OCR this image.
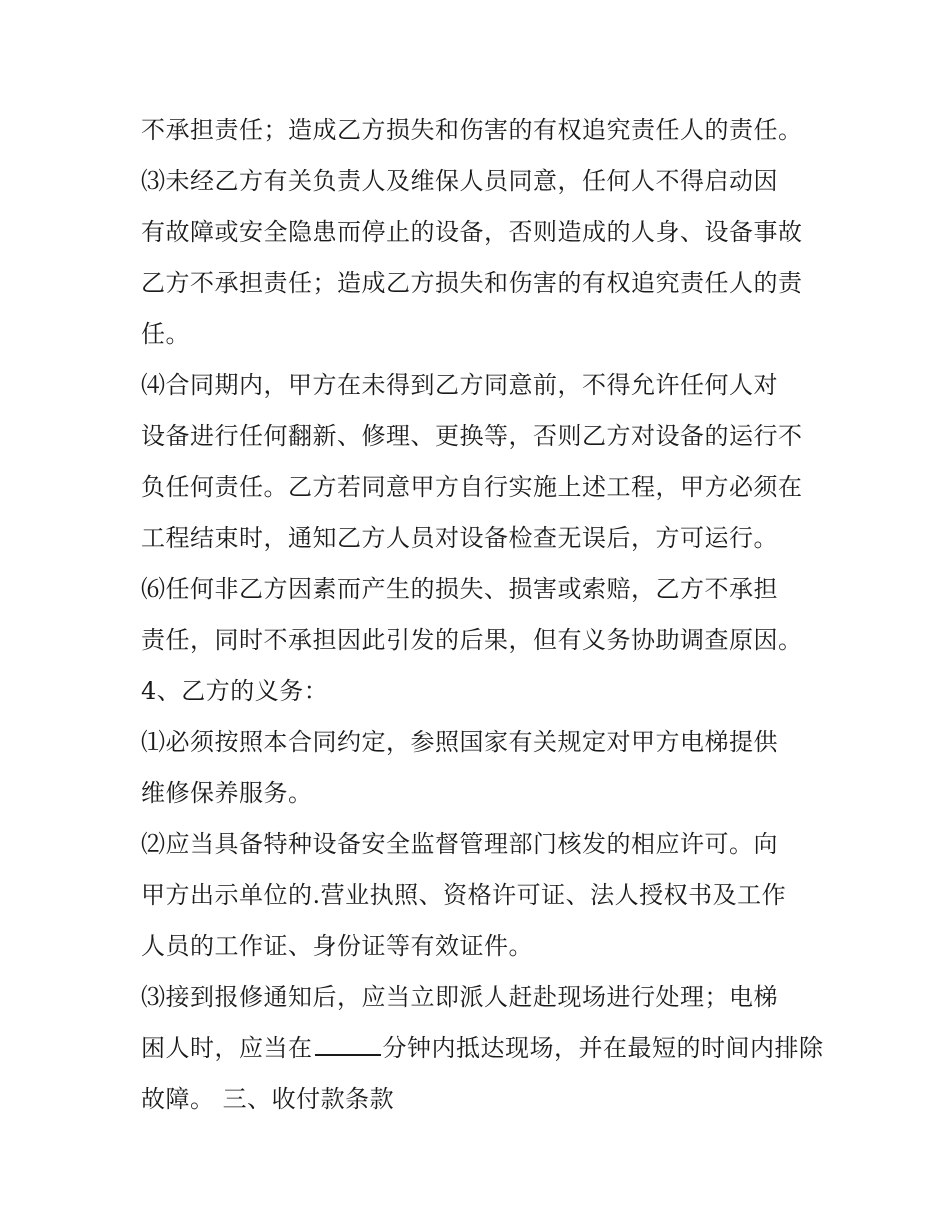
不承担责任；造成乙方损失和伤害的有权追究责任人的责任。
⑶未经乙方有关负责人及维保人员同意，任何人不得启动因
有故障或安全隐患而停止的设备，否则造成的人身、设备事故
乙方不承担责任；造成乙方损失和伤害的有权追究责任人的责
任。
⑷合同期内，甲方在未得到乙方同意前，不得允许任何人对
设备进行任何翻新、修理、更换等，否则乙方对设备的运行不
负任何责任。乙方若同意甲方自行实施上述工程，甲方必须在
工程结束时，通知乙方人员对设备检查无误后，方可运行。
⑹任何非乙方因素而产生的损失、损害或索赔，乙方不承担
责任，同时不承担因此引发的后果，但有义务协助调查原因。
4、乙方的义务：
⑴必须按照本合同约定，参照国家有关规定对甲方电梯提供
维修保养服务。
⑵应当具备特种设备安全监督管理部门核发的相应许可。向
甲方出示单位的.营业执照、资格许可证、法人授权书及工作
人员的工作证、身份证等有效证件。
⑶接到报修通知后，应当立即派人赶赴现场进行处理；电梯
困人时，应当在	分钟内抵达现场，并在最短的时间内排除
故障。 三、收付款条款
